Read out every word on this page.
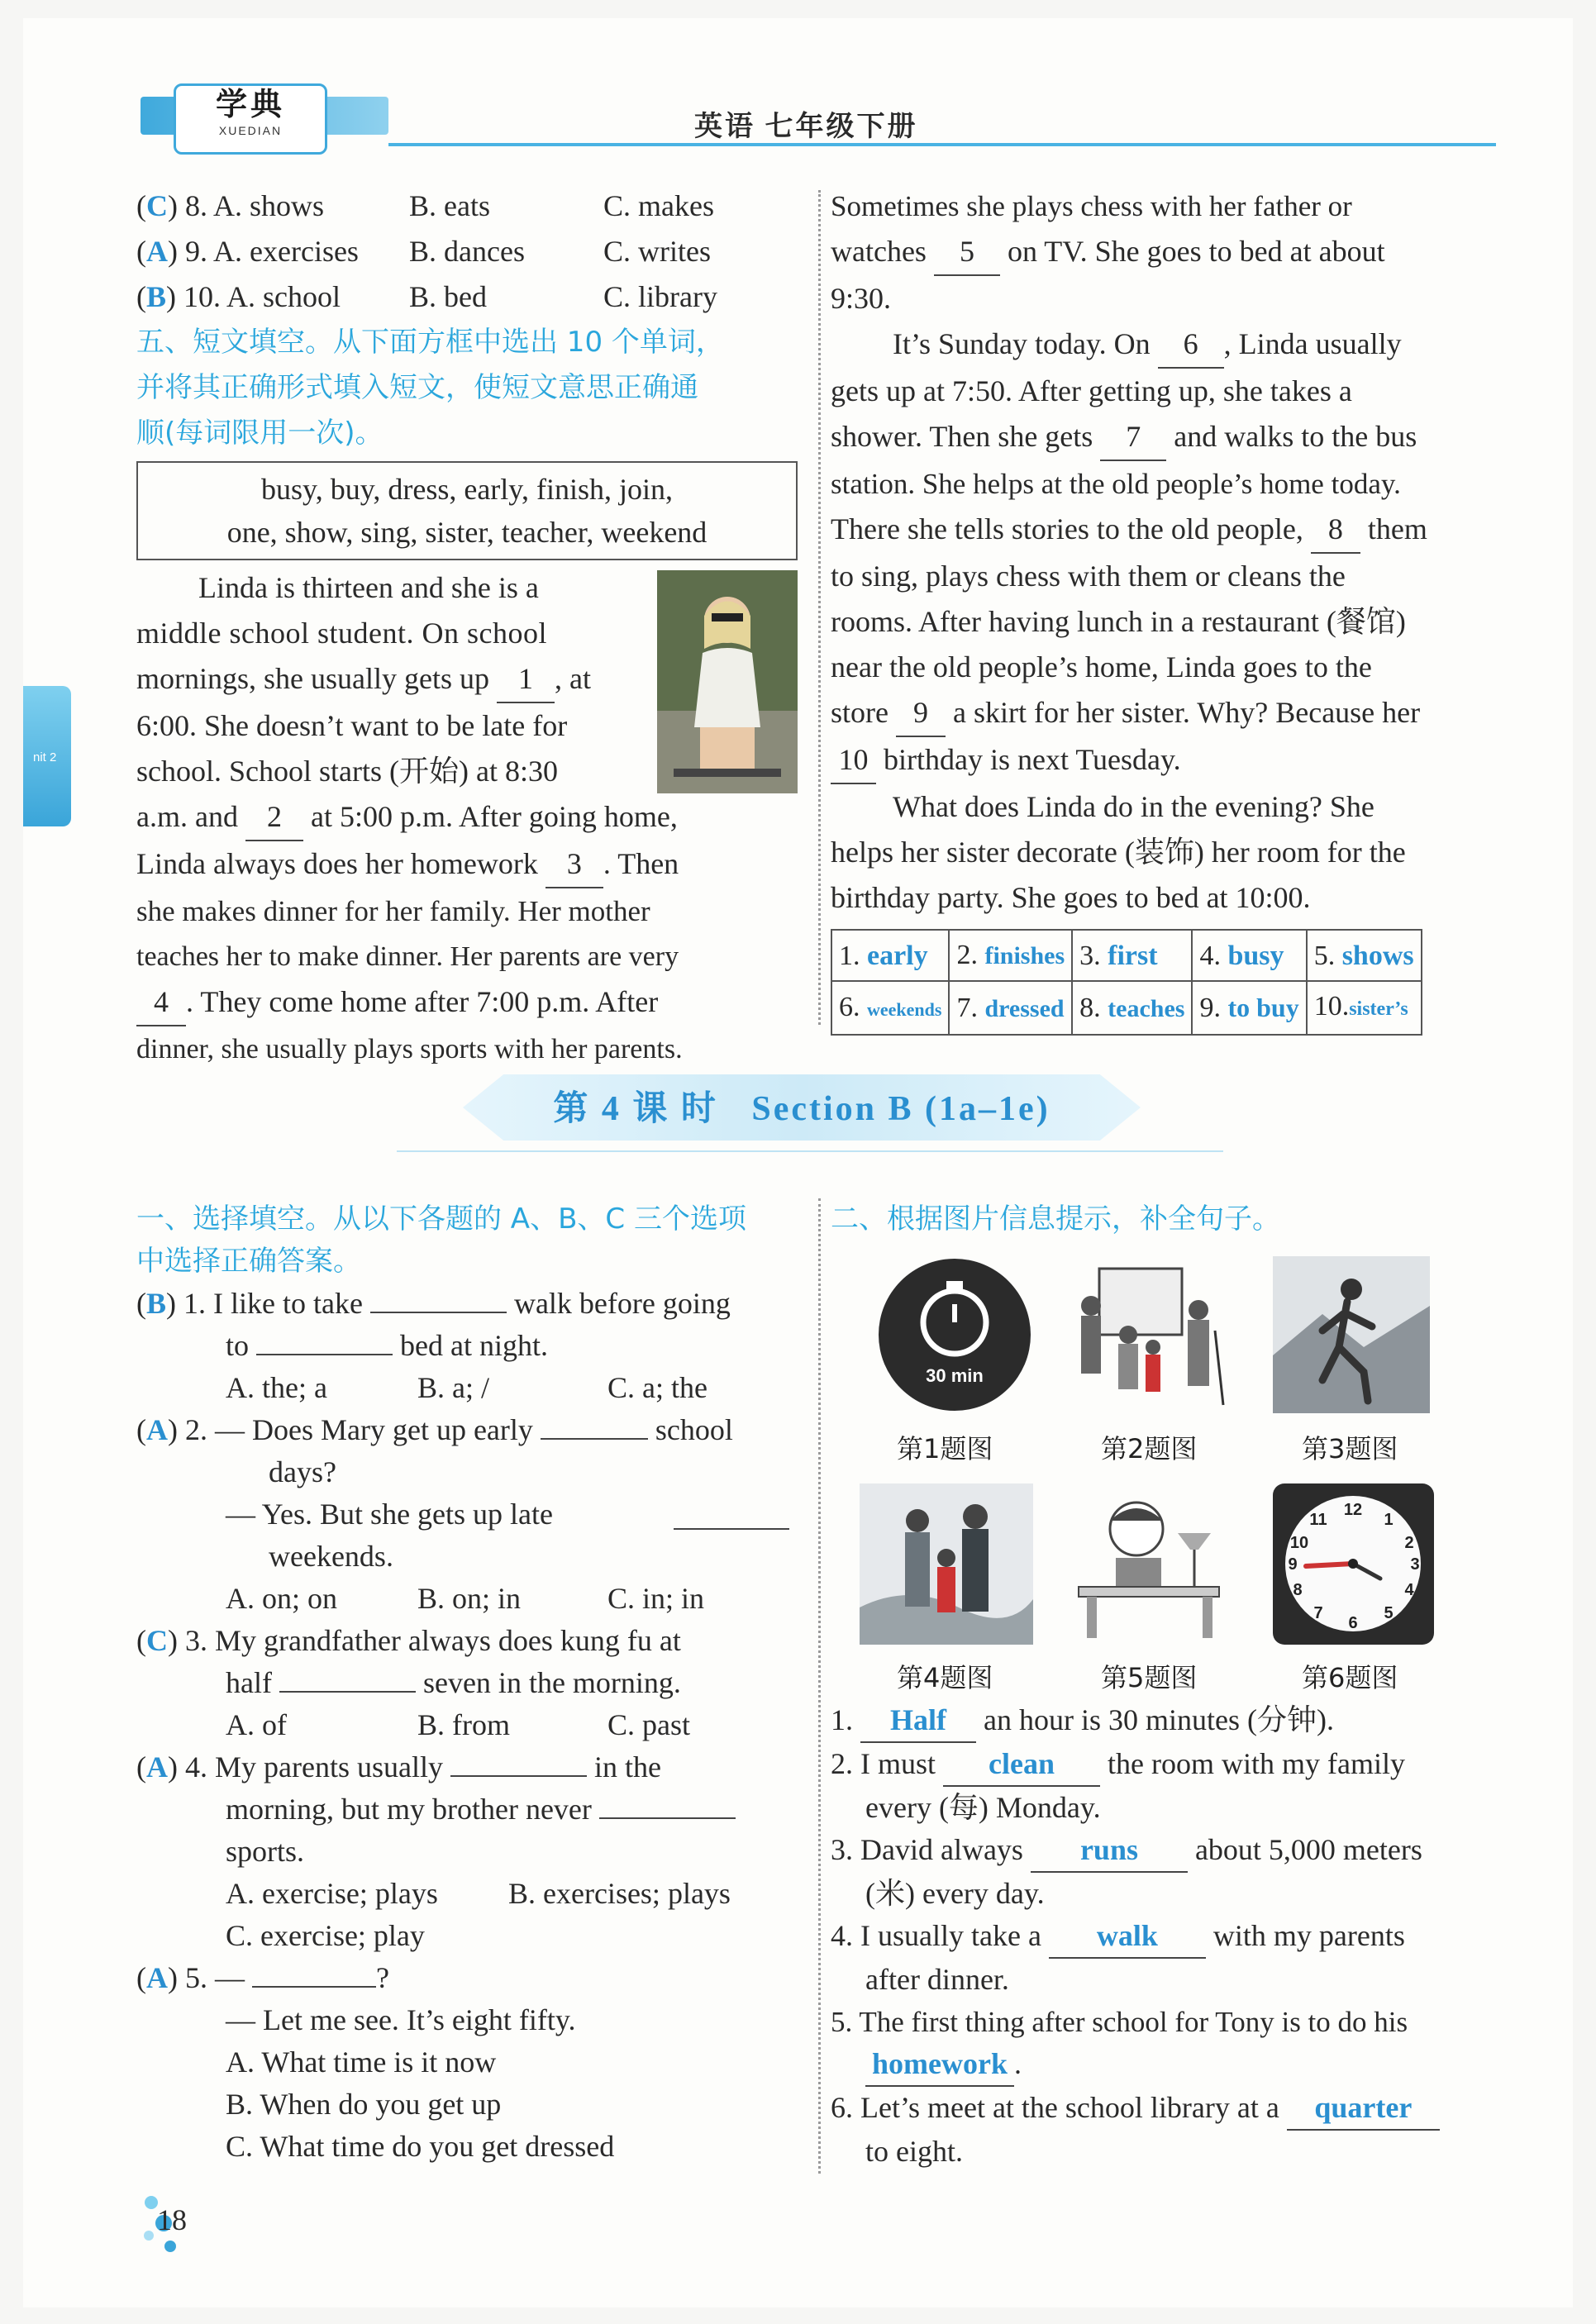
学典
XUEDIAN	英语 七年级下册
nit 2
(C) 8. A. shows	B. eats	C. makes
(A) 9. A. exercises B. dances	C. writes
(B) 10. A. school B. bed	C. library
五、短文填空。从下面方框中选出 10 个单词，
并将其正确形式填入短文，使短文意思正确通
顺(每词限用一次)。
busy, buy, dress, early, finish, join,
one, show, sing, sister, teacher, weekend
Linda is thirteen and she is a
middle school student. On school
mornings, she usually gets up 1 , at
6:00. She doesn’t want to be late for
school. School starts (开始) at 8:30
a.m. and 2 at 5:00 p.m. After going home,
Linda always does her homework 3 . Then
she makes dinner for her family. Her mother
teaches her to make dinner. Her parents are very
4 . They come home after 7:00 p.m. After
dinner, she usually plays sports with her parents.
Sometimes she plays chess with her father or
watches 5 on TV. She goes to bed at about
9:30.
It’s Sunday today. On 6 , Linda usually
gets up at 7:50. After getting up, she takes a
shower. Then she gets 7 and walks to the bus
station. She helps at the old people’s home today.
There she tells stories to the old people, 8 them
to sing, plays chess with them or cleans the
rooms. After having lunch in a restaurant (餐馆)
near the old people’s home, Linda goes to the
store 9 a skirt for her sister. Why? Because her
10 birthday is next Tuesday.
What does Linda do in the evening? She
helps her sister decorate (装饰) her room for the
birthday party. She goes to bed at 10:00.
1. early	2. finishes	3. first	4. busy	5. shows
6. weekends	7. dressed	8. teaches	9. to buy	10.sister’s
第 4 课 时 Section B (1a–1e)
一、选择填空。从以下各题的 A、B、C 三个选项
中选择正确答案。
(B) 1. I like to take	walk before going
to	bed at night.
A. the; a	B. a; /	C. a; the
(A) 2. — Does Mary get up early	school
days?
— Yes. But she gets up late
weekends.
A. on; on	B. on; in	C. in; in
(C) 3. My grandfather always does kung fu at
half	seven in the morning.
A. of	B. from	C. past
(A) 4. My parents usually	in the
morning, but my brother never
sports.
A. exercise; plays B. exercises; plays
C. exercise; play
(A) 5. —	?
— Let me see. It’s eight fifty.
A. What time is it now
B. When do you get up
C. What time do you get dressed
二、根据图片信息提示，补全句子。
30 min
第1题图	第2题图	第3题图
12
1
2
3
4
5
6
7
8
9
10
11
第4题图	第5题图	第6题图
1. Half an hour is 30 minutes (分钟).
2. I must clean the room with my family
every (每) Monday.
3. David always runs about 5,000 meters
(米) every day.
4. I usually take a walk with my parents
after dinner.
5. The first thing after school for Tony is to do his
homework .
6. Let’s meet at the school library at a quarter
to eight.
18
